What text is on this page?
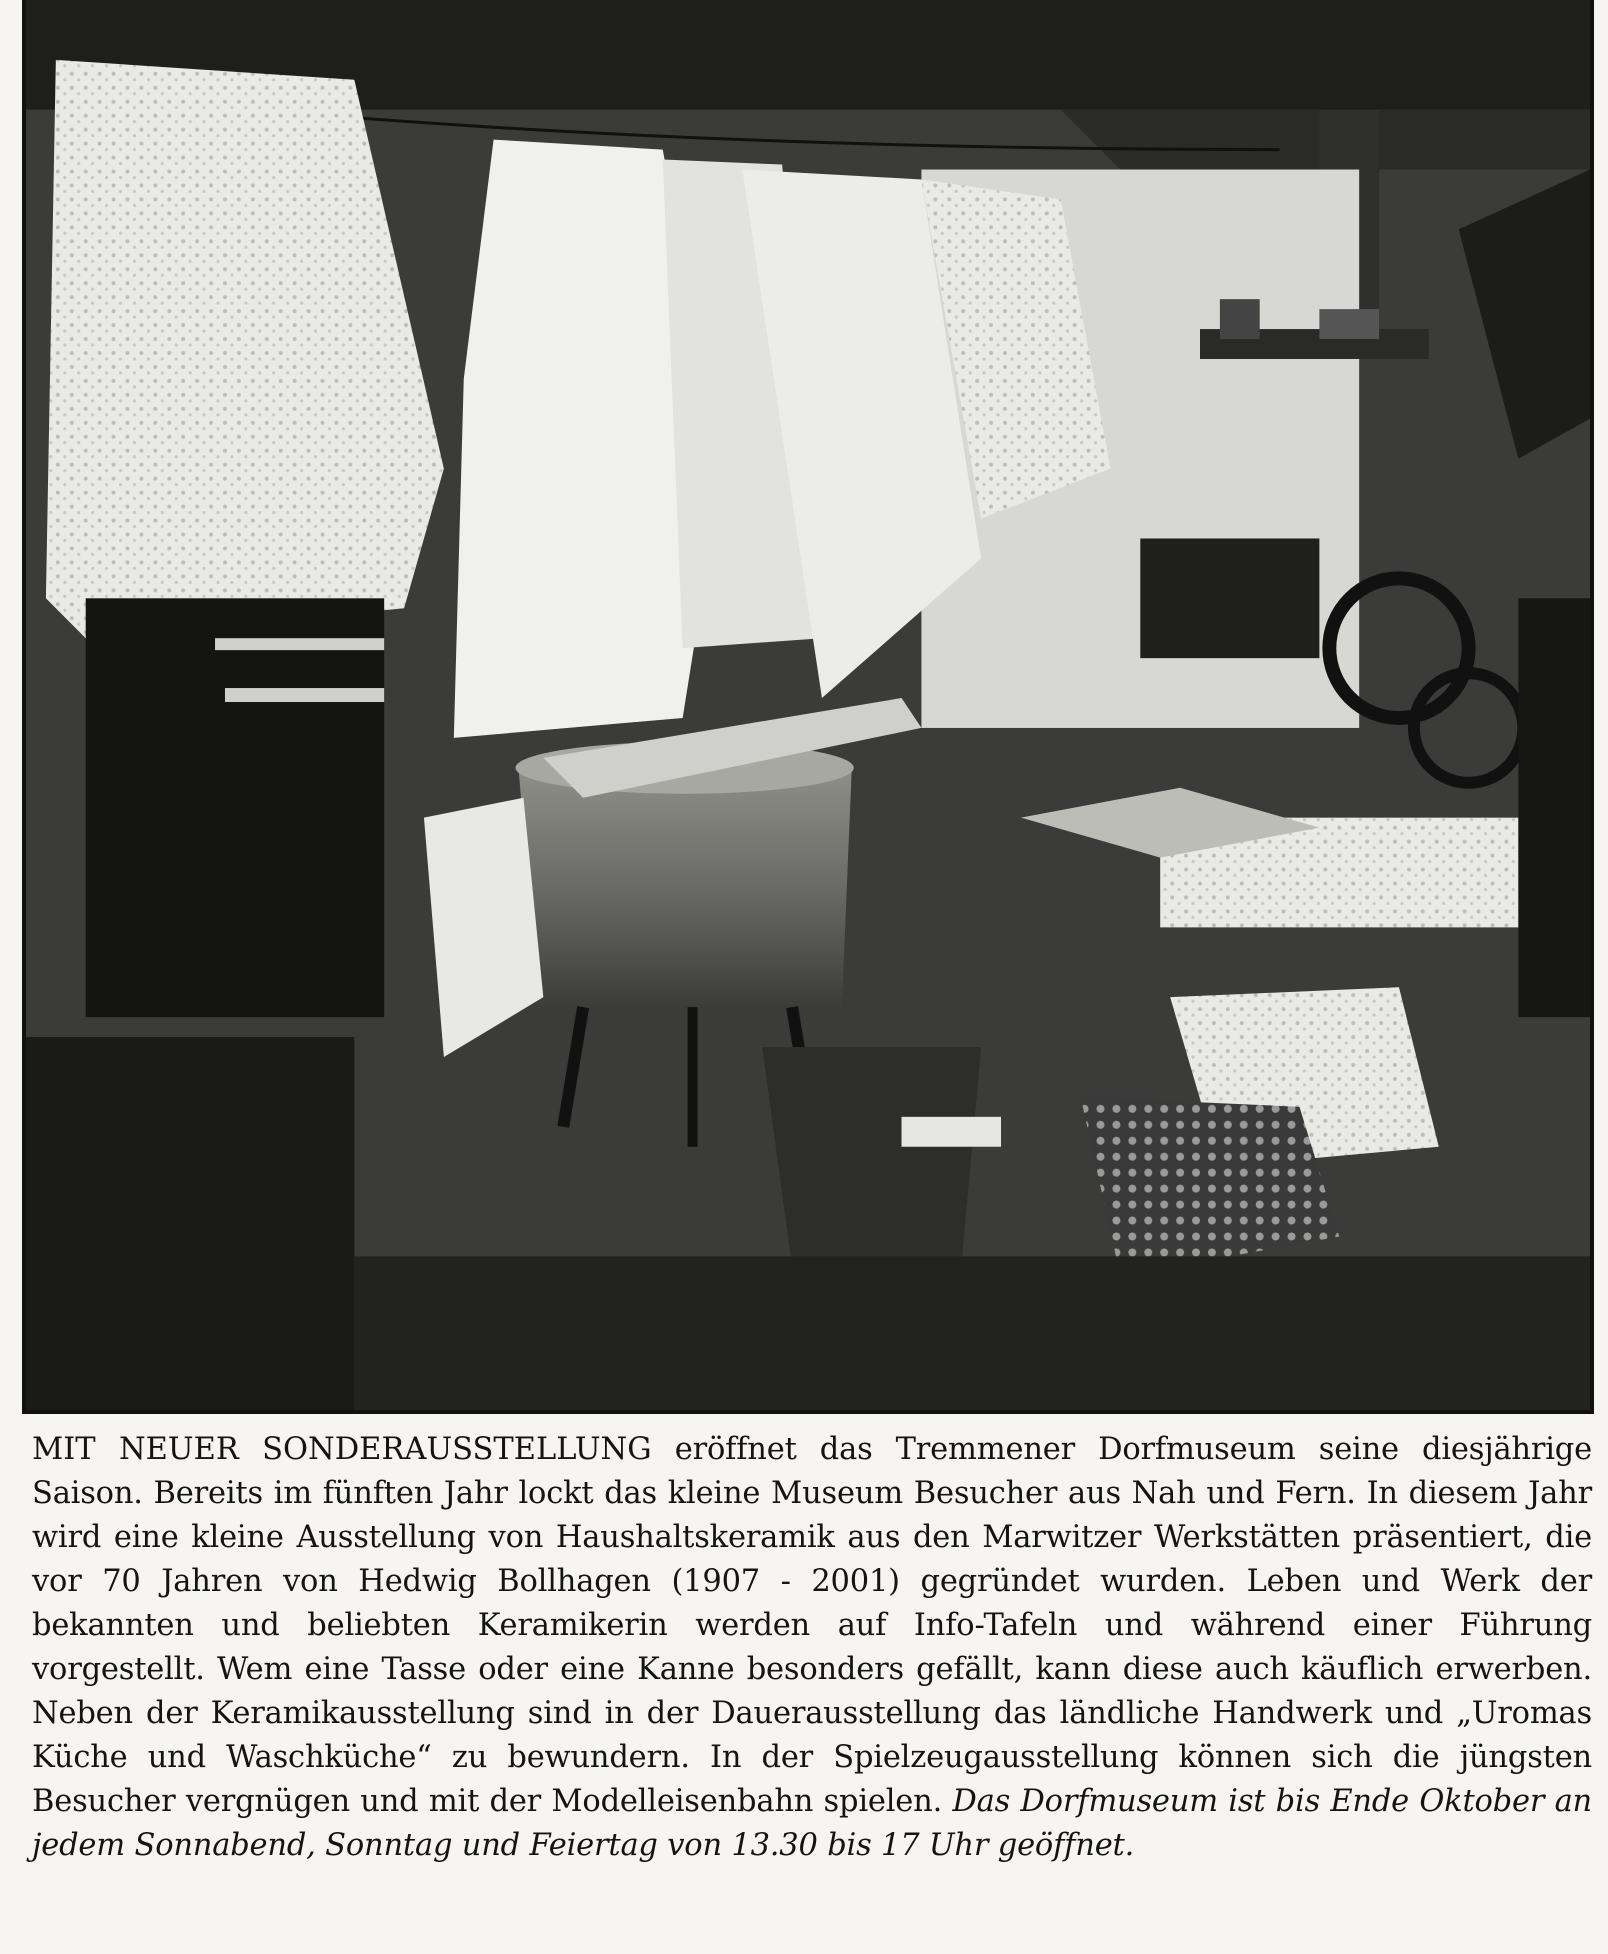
MIT NEUER SONDERAUSSTELLUNG eröffnet das Tremmener Dorfmuseum seine diesjährige Saison. Bereits im fünften Jahr lockt das kleine Museum Besucher aus Nah und Fern. In diesem Jahr wird eine kleine Ausstellung von Haushaltskeramik aus den Marwitzer Werkstätten präsentiert, die vor 70 Jahren von Hedwig Bollhagen (1907 - 2001) gegründet wurden. Leben und Werk der bekannten und beliebten Keramikerin werden auf Info-Tafeln und während einer Führung vorgestellt. Wem eine Tasse oder eine Kanne besonders gefällt, kann diese auch käuflich erwerben. Neben der Keramikausstellung sind in der Dauerausstellung das ländliche Handwerk und „Uromas Küche und Waschküche“ zu bewundern. In der Spielzeugausstellung können sich die jüngsten Besucher vergnügen und mit der Modelleisenbahn spielen. Das Dorfmuseum ist bis Ende Oktober an jedem Sonnabend, Sonntag und Feiertag von 13.30 bis 17 Uhr geöffnet.
